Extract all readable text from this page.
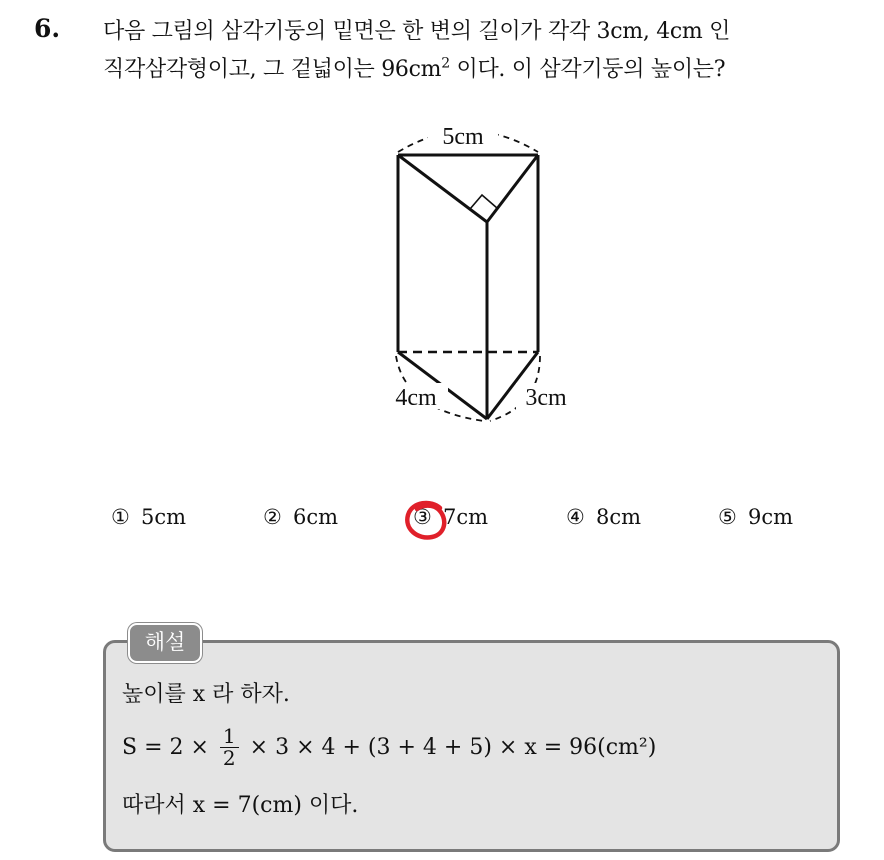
6. 다음 그림의 삼각기둥의 밑면은 한 변의 길이가 각각 3cm, 4cm 인
직각삼각형이고, 그 겉넓이는 $96cm^2$ 이다. 이 삼각기둥의 높이는?
5cm
4cm	3cm
① 5cm	② 6cm	③ 7cm	④ 8cm	⑤ 9cm
해설
높이를 x 라 하자.
$S = 2 \times \frac{1}{2} \times 3 \times 4 + (3 + 4 + 5) \times x = 96(cm^2)$
따라서 x = 7(cm) 이다.
